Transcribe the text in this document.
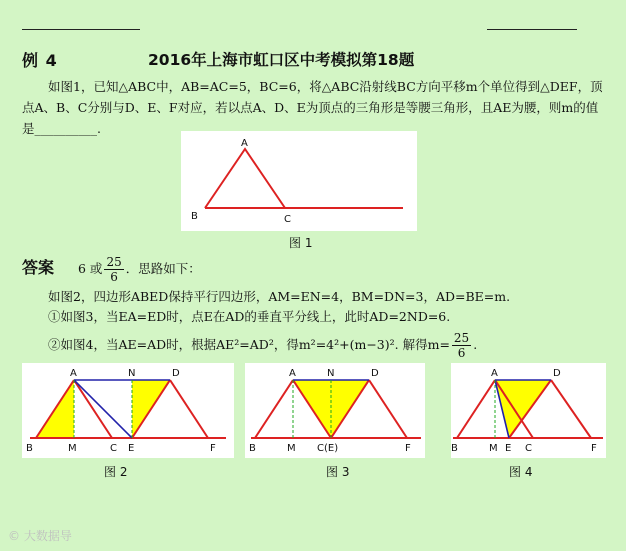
例 4	2016年上海市虹口区中考模拟第18题
如图1，已知△ABC中，AB=AC=5，BC=6，将△ABC沿射线BC方向平移m个单位得到△DEF，顶点A、B、C分别与D、E、F对应，若以点A、D、E为顶点的三角形是等腰三角形，且AE为腰，则m的值是__________.
A
B	C
图 1
答案 6 或 $\frac{25}{6}$ ．思路如下：
如图2，四边形ABED保持平行四边形，AM=EN=4，BM=DN=3，AD=BE=m.
①如图3，当EA=ED时，点E在AD的垂直平分线上，此时AD=2ND=6.
②如图4，当AE=AD时，根据AE²=AD²，得m²=4²+(m−3)². 解得$m= \frac{25}{6}$ .
A	N	D
B	M	C E	F
图 2
A	N	D
B	M C(E)	F
图 3
A	D
B	M E C	F
图 4
© 大数据导
